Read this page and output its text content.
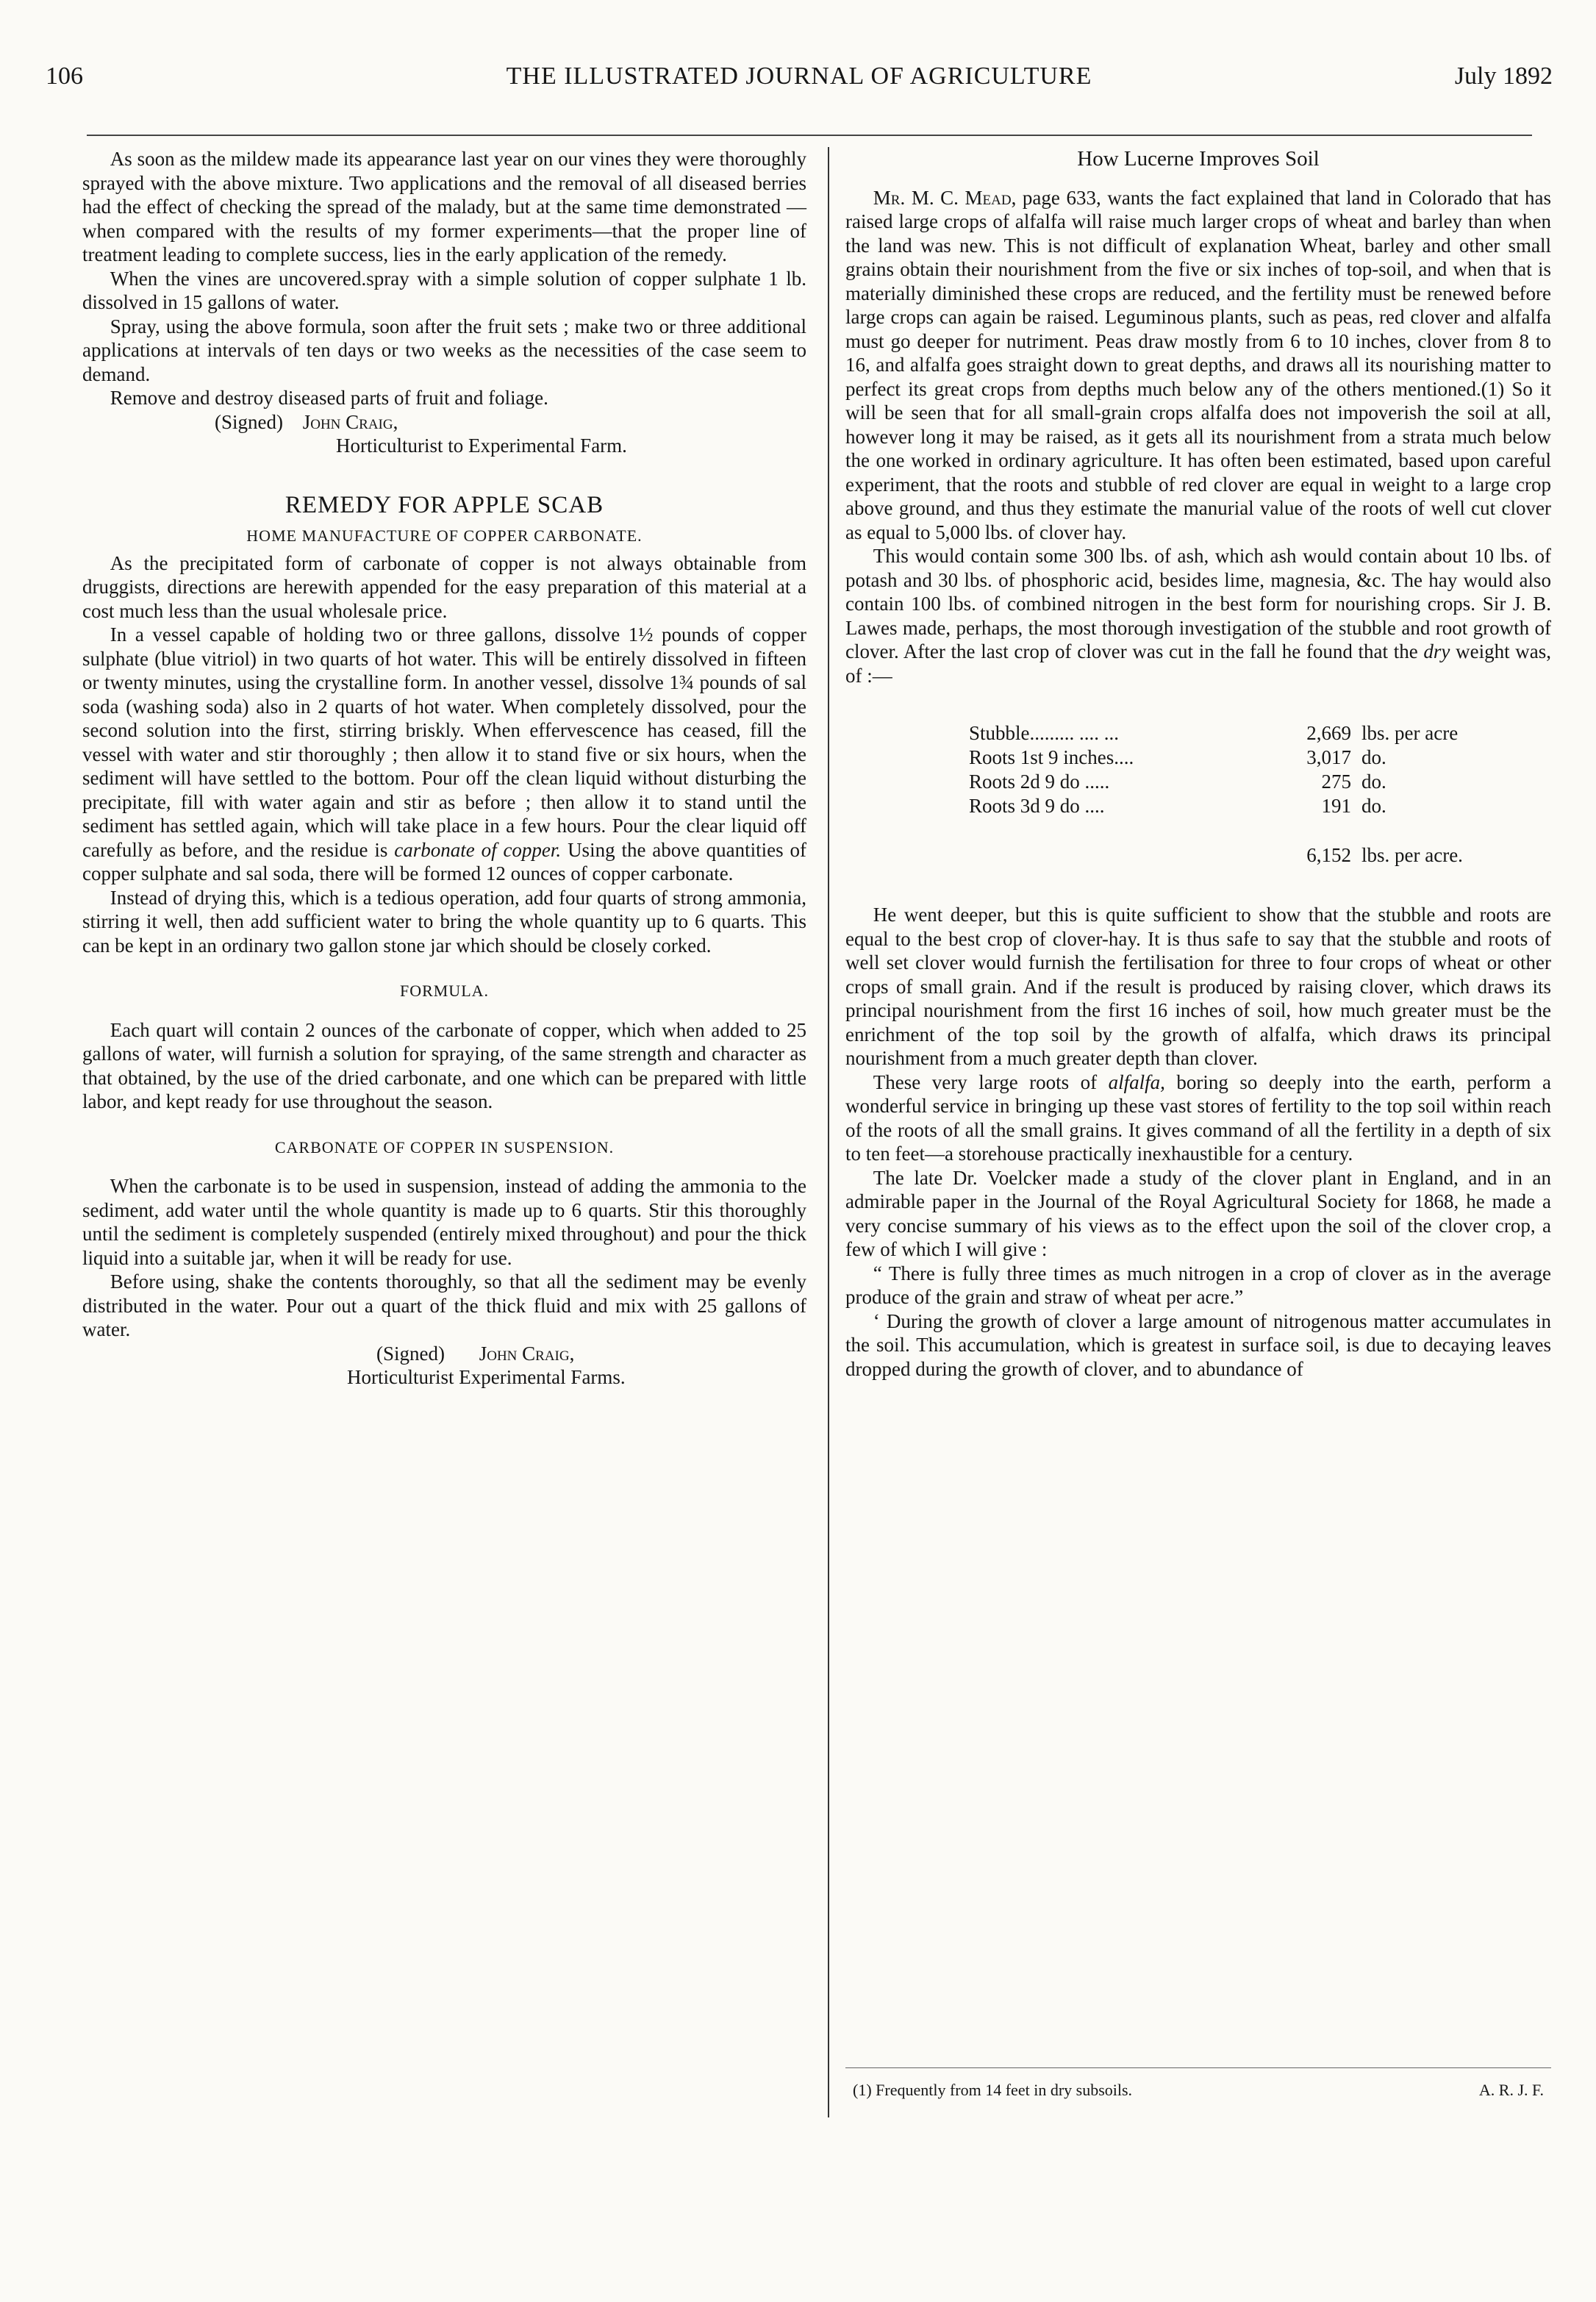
106	THE ILLUSTRATED JOURNAL OF AGRICULTURE	July 1892

As soon as the mildew made its appearance last year on our vines they were thoroughly sprayed with the above mixture. Two applications and the removal of all diseased berries had the effect of checking the spread of the malady, but at the same time demonstrated — when compared with the results of my former experiments—that the proper line of treatment leading to complete success, lies in the early application of the remedy.

When the vines are uncovered.spray with a simple solution of copper sulphate 1 lb. dissolved in 15 gallons of water.

Spray, using the above formula, soon after the fruit sets ; make two or three additional applications at intervals of ten days or two weeks as the necessities of the case seem to demand.

Remove and destroy diseased parts of fruit and foliage.

(Signed) John Craig,
Horticulturist to Experimental Farm.
REMEDY FOR APPLE SCAB
HOME MANUFACTURE OF COPPER CARBONATE.

As the precipitated form of carbonate of copper is not always obtainable from druggists, directions are herewith appended for the easy preparation of this material at a cost much less than the usual wholesale price.

In a vessel capable of holding two or three gallons, dissolve 1½ pounds of copper sulphate (blue vitriol) in two quarts of hot water. This will be entirely dissolved in fifteen or twenty minutes, using the crystalline form. In another vessel, dissolve 1¾ pounds of sal soda (washing soda) also in 2 quarts of hot water. When completely dissolved, pour the second solution into the first, stirring briskly. When effervescence has ceased, fill the vessel with water and stir thoroughly ; then allow it to stand five or six hours, when the sediment will have settled to the bottom. Pour off the clean liquid without disturbing the precipitate, fill with water again and stir as before ; then allow it to stand until the sediment has settled again, which will take place in a few hours. Pour the clear liquid off carefully as before, and the residue is carbonate of copper. Using the above quantities of copper sulphate and sal soda, there will be formed 12 ounces of copper carbonate.

Instead of drying this, which is a tedious operation, add four quarts of strong ammonia, stirring it well, then add sufficient water to bring the whole quantity up to 6 quarts. This can be kept in an ordinary two gallon stone jar which should be closely corked.

FORMULA.

Each quart will contain 2 ounces of the carbonate of copper, which when added to 25 gallons of water, will furnish a solution for spraying, of the same strength and character as that obtained, by the use of the dried carbonate, and one which can be prepared with little labor, and kept ready for use throughout the season.

CARBONATE OF COPPER IN SUSPENSION.

When the carbonate is to be used in suspension, instead of adding the ammonia to the sediment, add water until the whole quantity is made up to 6 quarts. Stir this thoroughly until the sediment is completely suspended (entirely mixed throughout) and pour the thick liquid into a suitable jar, when it will be ready for use.

Before using, shake the contents thoroughly, so that all the sediment may be evenly distributed in the water. Pour out a quart of the thick fluid and mix with 25 gallons of water.

(Signed) John Craig,
Horticulturist Experimental Farms.
How Lucerne Improves Soil

Mr. M. C. Mead, page 633, wants the fact explained that land in Colorado that has raised large crops of alfalfa will raise much larger crops of wheat and barley than when the land was new. This is not difficult of explanation Wheat, barley and other small grains obtain their nourishment from the five or six inches of top-soil, and when that is materially diminished these crops are reduced, and the fertility must be renewed before large crops can again be raised. Leguminous plants, such as peas, red clover and alfalfa must go deeper for nutriment. Peas draw mostly from 6 to 10 inches, clover from 8 to 16, and alfalfa goes straight down to great depths, and draws all its nourishing matter to perfect its great crops from depths much below any of the others mentioned.(1) So it will be seen that for all small-grain crops alfalfa does not impoverish the soil at all, however long it may be raised, as it gets all its nourishment from a strata much below the one worked in ordinary agriculture. It has often been estimated, based upon careful experiment, that the roots and stubble of red clover are equal in weight to a large crop above ground, and thus they estimate the manurial value of the roots of well cut clover as equal to 5,000 lbs. of clover hay.

This would contain some 300 lbs. of ash, which ash would contain about 10 lbs. of potash and 30 lbs. of phosphoric acid, besides lime, magnesia, &c. The hay would also contain 100 lbs. of combined nitrogen in the best form for nourishing crops. Sir J. B. Lawes made, perhaps, the most thorough investigation of the stubble and root growth of clover. After the last crop of clover was cut in the fall he found that the dry weight was, of :—

Stubble......... .... ...	2,669	lbs. per acre
Roots 1st 9 inches....	3,017	do.
Roots 2d 9 do .....	275	do.
Roots 3d 9 do ....	191	do.
	6,152	lbs. per acre.

He went deeper, but this is quite sufficient to show that the stubble and roots are equal to the best crop of clover-hay. It is thus safe to say that the stubble and roots of well set clover would furnish the fertilisation for three to four crops of wheat or other crops of small grain. And if the result is produced by raising clover, which draws its principal nourishment from the first 16 inches of soil, how much greater must be the enrichment of the top soil by the growth of alfalfa, which draws its principal nourishment from a much greater depth than clover.

These very large roots of alfalfa, boring so deeply into the earth, perform a wonderful service in bringing up these vast stores of fertility to the top soil within reach of the roots of all the small grains. It gives command of all the fertility in a depth of six to ten feet—a storehouse practically inexhaustible for a century.

The late Dr. Voelcker made a study of the clover plant in England, and in an admirable paper in the Journal of the Royal Agricultural Society for 1868, he made a very concise summary of his views as to the effect upon the soil of the clover crop, a few of which I will give :

“ There is fully three times as much nitrogen in a crop of clover as in the average produce of the grain and straw of wheat per acre.”

‘ During the growth of clover a large amount of nitrogenous matter accumulates in the soil. This accumulation, which is greatest in surface soil, is due to decaying leaves dropped during the growth of clover, and to abundance of

(1) Frequently from 14 feet in dry subsoils.	A. R. J. F.
